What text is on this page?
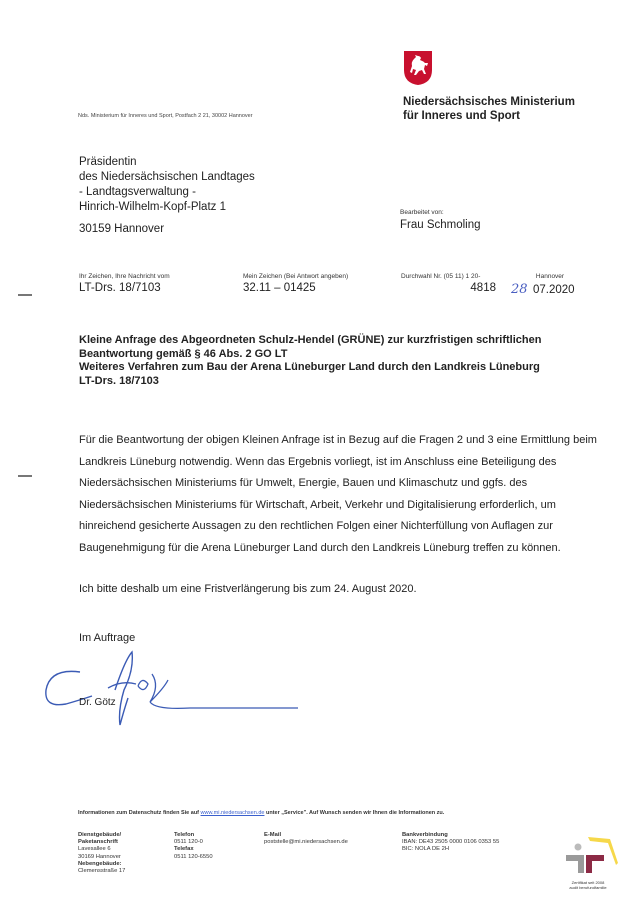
Niedersächsisches Ministerium
für Inneres und Sport
Nds. Ministerium für Inneres und Sport, Postfach 2 21, 30002 Hannover
Präsidentin
des Niedersächsischen Landtages
- Landtagsverwaltung -
Hinrich-Wilhelm-Kopf-Platz 1
30159 Hannover
Bearbeitet von:
Frau Schmoling
Ihr Zeichen, Ihre Nachricht vom
LT-Drs. 18/7103
Mein Zeichen (Bei Antwort angeben)
32.11 – 01425
Durchwahl Nr. (05 11) 1 20-
4818
Hannover
28 07.2020
Kleine Anfrage des Abgeordneten Schulz-Hendel (GRÜNE) zur kurzfristigen schriftlichen
Beantwortung gemäß § 46 Abs. 2 GO LT
Weiteres Verfahren zum Bau der Arena Lüneburger Land durch den Landkreis Lüneburg
LT-Drs. 18/7103

Für die Beantwortung der obigen Kleinen Anfrage ist in Bezug auf die Fragen 2 und 3 eine Ermittlung beim Landkreis Lüneburg notwendig. Wenn das Ergebnis vorliegt, ist im Anschluss eine Beteiligung des Niedersächsischen Ministeriums für Umwelt, Energie, Bauen und Klimaschutz und ggfs. des Niedersächsischen Ministeriums für Wirtschaft, Arbeit, Verkehr und Digitalisierung erforderlich, um hinreichend gesicherte Aussagen zu den rechtlichen Folgen einer Nichterfüllung von Auflagen zur Baugenehmigung für die Arena Lüneburger Land durch den Landkreis Lüneburg treffen zu können.

Ich bitte deshalb um eine Fristverlängerung bis zum 24. August 2020.

Im Auftrage
Dr. Götz
Informationen zum Datenschutz finden Sie auf www.mi.niedersachsen.de unter „Service". Auf Wunsch senden wir Ihnen die Informationen zu.
Dienstgebäude/
Paketanschrift
Lavesallee 6
30169 Hannover
Nebengebäude:
Clemensstraße 17
Telefon
0511 120-0
Telefax
0511 120-6550
E-Mail
poststelle@mi.niedersachsen.de
Bankverbindung
IBAN: DE43 2505 0000 0106 0353 55
BIC: NOLA DE 2H
Zertifikat seit 2008
audit berufundfamilie
